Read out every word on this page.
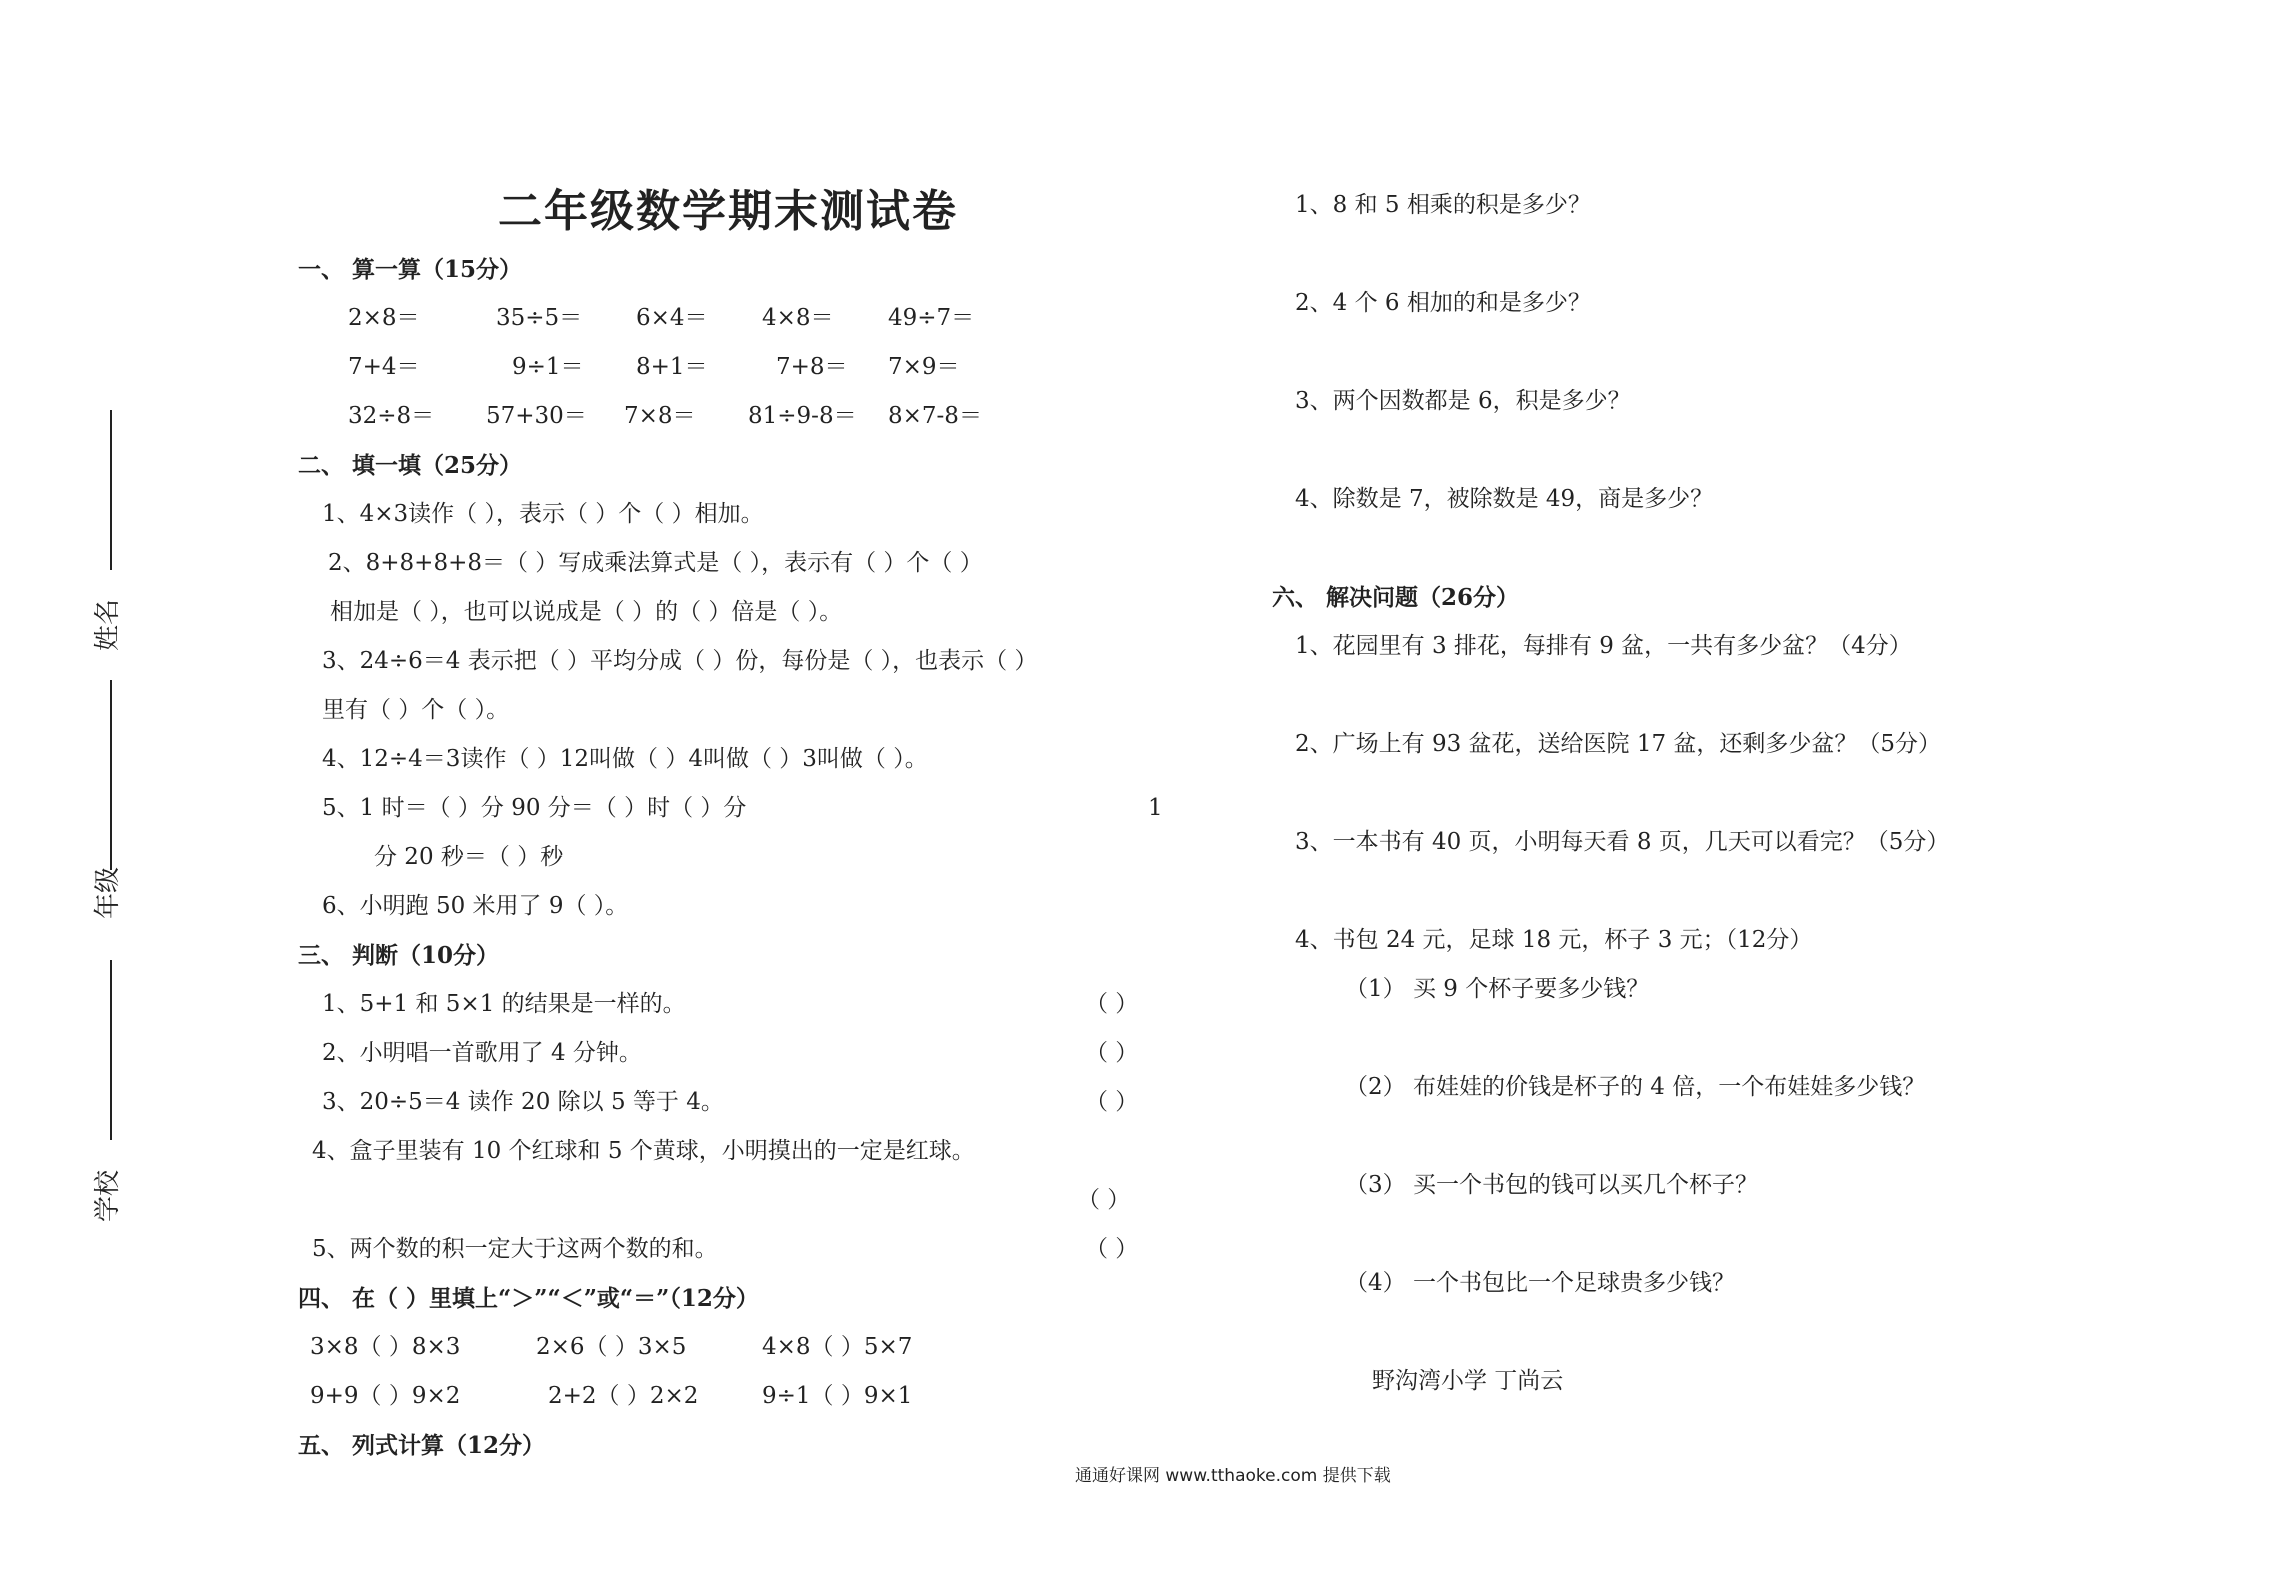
姓名
年级
学校
二年级数学期末测试卷
一、 算一算（15分）
2×8＝	35÷5＝ 6×4＝ 4×8＝ 49÷7＝
7+4＝	9÷1＝ 8+1＝	7+8＝ 7×9＝
32÷8＝ 57+30＝ 7×8＝ 81÷9-8＝ 8×7-8＝
二、 填一填（25分）
1、4×3读作（ ），表示（ ）个（ ）相加。
2、8+8+8+8＝（ ）写成乘法算式是（ ），表示有（ ）个（ ）
相加是（ ），也可以说成是（ ）的（ ）倍是（ ）。
3、24÷6＝4 表示把（ ）平均分成（ ）份，每份是（ ），也表示（ ）
里有（ ）个（ ）。
4、12÷4＝3读作（ ）12叫做（ ）4叫做（ ）3叫做（ ）。
5、1 时＝（ ）分 90 分＝（ ）时（ ）分	1
分 20 秒＝（ ）秒
6、小明跑 50 米用了 9（ ）。
三、 判断（10分）
1、5+1 和 5×1 的结果是一样的。	（ ）
2、小明唱一首歌用了 4 分钟。	（ ）
3、20÷5＝4 读作 20 除以 5 等于 4。	（ ）
4、盒子里装有 10 个红球和 5 个黄球，小明摸出的一定是红球。
（ ）
5、两个数的积一定大于这两个数的和。	（ ）
四、 在（ ）里填上“＞”“＜”或“＝”（12分）
3×8（ ）8×3	2×6（ ）3×5	4×8（ ）5×7
9+9（ ）9×2	2+2（ ）2×2	9÷1（ ）9×1
五、 列式计算（12分）
1、8 和 5 相乘的积是多少？
2、4 个 6 相加的和是多少？
3、两个因数都是 6，积是多少？
4、除数是 7，被除数是 49，商是多少？
六、 解决问题（26分）
1、花园里有 3 排花，每排有 9 盆，一共有多少盆？（4分）
2、广场上有 93 盆花，送给医院 17 盆，还剩多少盆？（5分）
3、一本书有 40 页，小明每天看 8 页，几天可以看完？（5分）
4、书包 24 元，足球 18 元，杯子 3 元；（12分）
（1） 买 9 个杯子要多少钱？
（2） 布娃娃的价钱是杯子的 4 倍，一个布娃娃多少钱？
（3） 买一个书包的钱可以买几个杯子？
（4） 一个书包比一个足球贵多少钱？
野沟湾小学 丁尚云
通通好课网 www.tthaoke.com 提供下载
